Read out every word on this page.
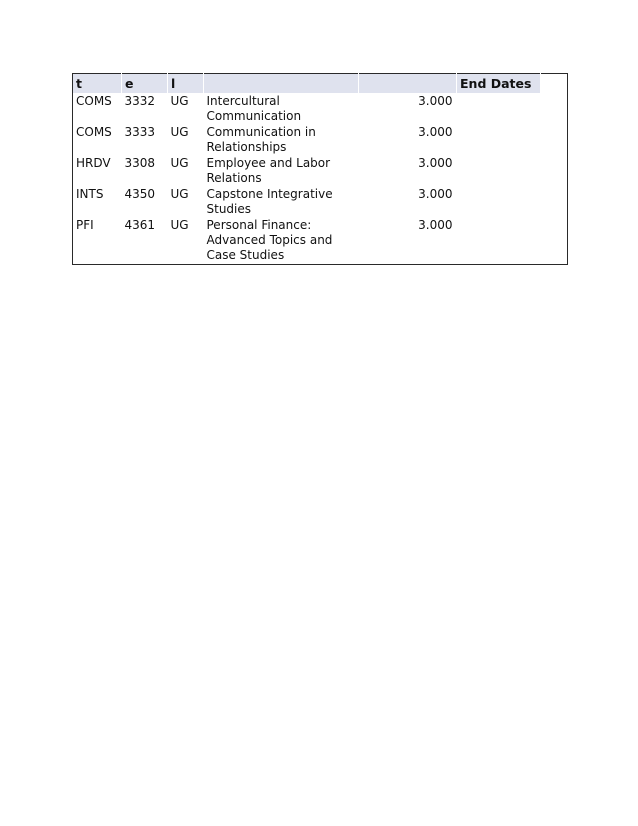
t	e	l			End Dates	
COMS	3332	UG	Intercultural Communication	3.000		
COMS	3333	UG	Communication in Relationships	3.000		
HRDV	3308	UG	Employee and Labor Relations	3.000		
INTS	4350	UG	Capstone Integrative Studies	3.000		
PFI	4361	UG	Personal Finance: Advanced Topics and Case Studies	3.000		
